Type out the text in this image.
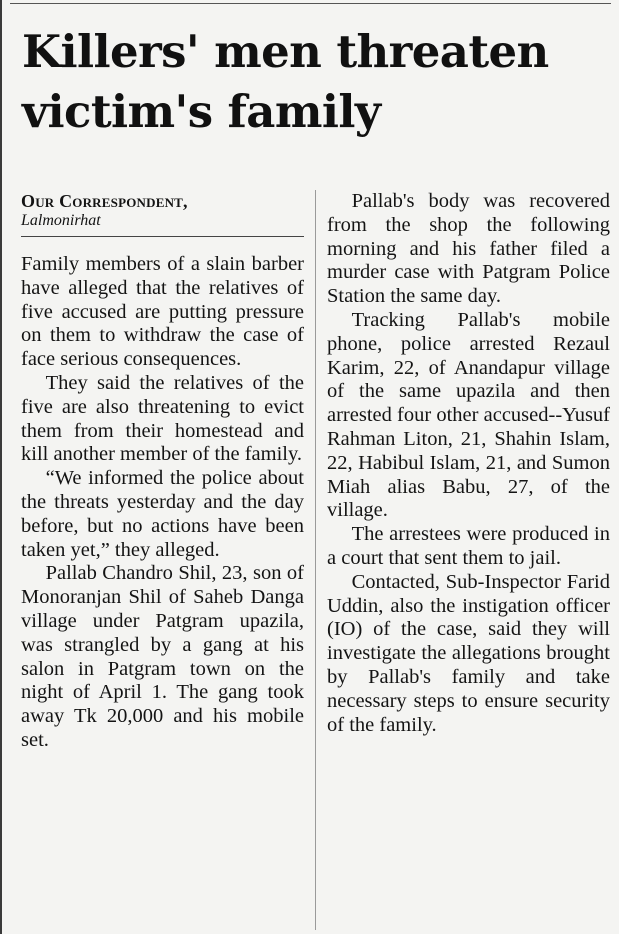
Killers' men threaten victim's family

Our Correspondent,

Lalmonirhat

Family members of a slain barber have alleged that the relatives of five accused are putting pressure on them to withdraw the case of face serious consequences.

They said the relatives of the five are also threatening to evict them from their homestead and kill another member of the family.

“We informed the police about the threats yesterday and the day before, but no actions have been taken yet,” they alleged.

Pallab Chandro Shil, 23, son of Monoranjan Shil of Saheb Danga village under Patgram upazila, was strangled by a gang at his salon in Patgram town on the night of April 1. The gang took away Tk 20,000 and his mobile set.

Pallab's body was recovered from the shop the following morning and his father filed a murder case with Patgram Police Station the same day.

Tracking Pallab's mobile phone, police arrested Rezaul Karim, 22, of Anandapur village of the same upazila and then arrested four other accused--Yusuf Rahman Liton, 21, Shahin Islam, 22, Habibul Islam, 21, and Sumon Miah alias Babu, 27, of the village.

The arrestees were produced in a court that sent them to jail.

Contacted, Sub-Inspector Farid Uddin, also the instigation officer (IO) of the case, said they will investigate the allegations brought by Pallab's family and take necessary steps to ensure security of the family.
